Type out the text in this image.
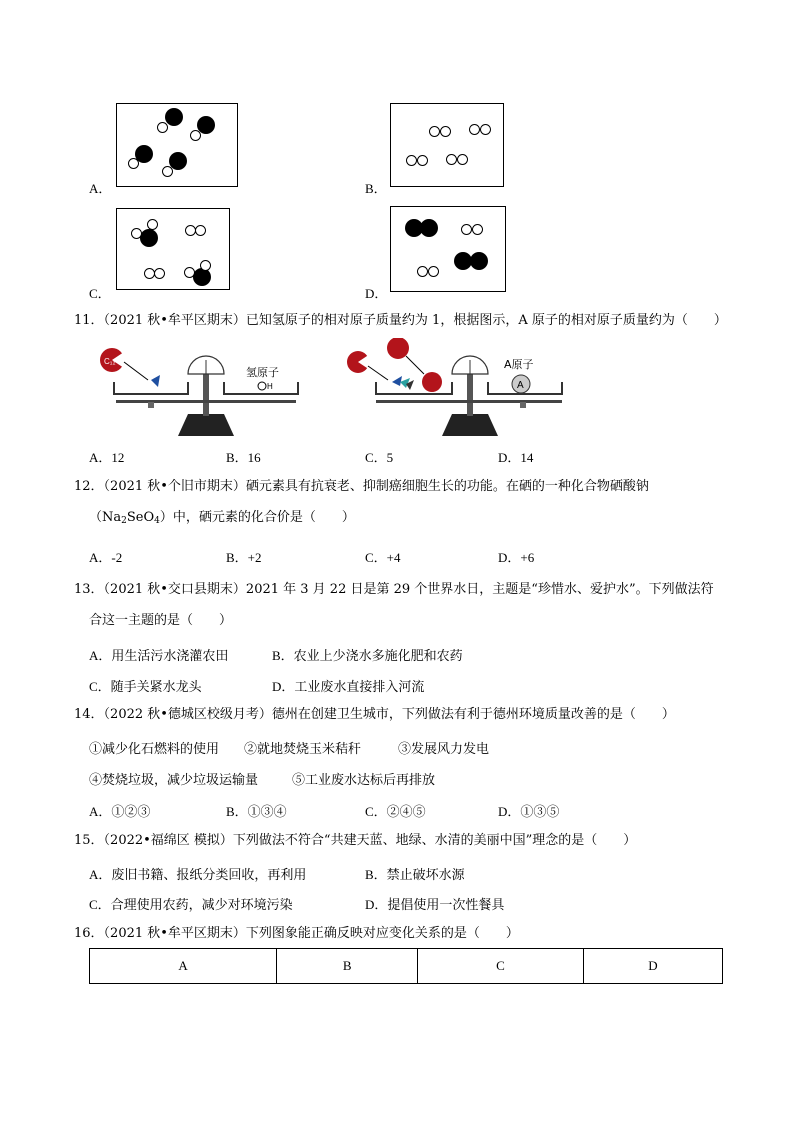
A．	B．
C．	D．
11．（2021 秋•牟平区期末）已知氢原子的相对原子质量约为 1，根据图示，A 原子的相对原子质量约为（　　）
C₁₂
氢原子
H
A原子
A
A．12	B．16	C．5	D．14
12．（2021 秋•个旧市期末）硒元素具有抗衰老、抑制癌细胞生长的功能。在硒的一种化合物硒酸钠
$(Na_2SeO_4)$中，硒元素的化合价是（　　）
A．-2	B．+2	C．+4	D．+6
13．（2021 秋•交口县期末）2021 年 3 月 22 日是第 29 个世界水日，主题是“珍惜水、爱护水”。下列做法符
合这一主题的是（　　）
A．用生活污水浇灌农田	B．农业上少浇水多施化肥和农药
C．随手关紧水龙头	D．工业废水直接排入河流
14．（2022 秋•德城区校级月考）德州在创建卫生城市，下列做法有利于德州环境质量改善的是（　　）
①减少化石燃料的使用 ②就地焚烧玉米秸秆	③发展风力发电
④焚烧垃圾，减少垃圾运输量	⑤工业废水达标后再排放
A．①②③	B．①③④	C．②④⑤	D．①③⑤
15．（2022•福绵区 模拟）下列做法不符合“共建天蓝、地绿、水清的美丽中国”理念的是（　　）
A．废旧书籍、报纸分类回收，再利用	B．禁止破坏水源
C．合理使用农药，减少对环境污染	D．提倡使用一次性餐具
16．（2021 秋•牟平区期末）下列图象能正确反映对应变化关系的是（　　）
A	B	C	D
